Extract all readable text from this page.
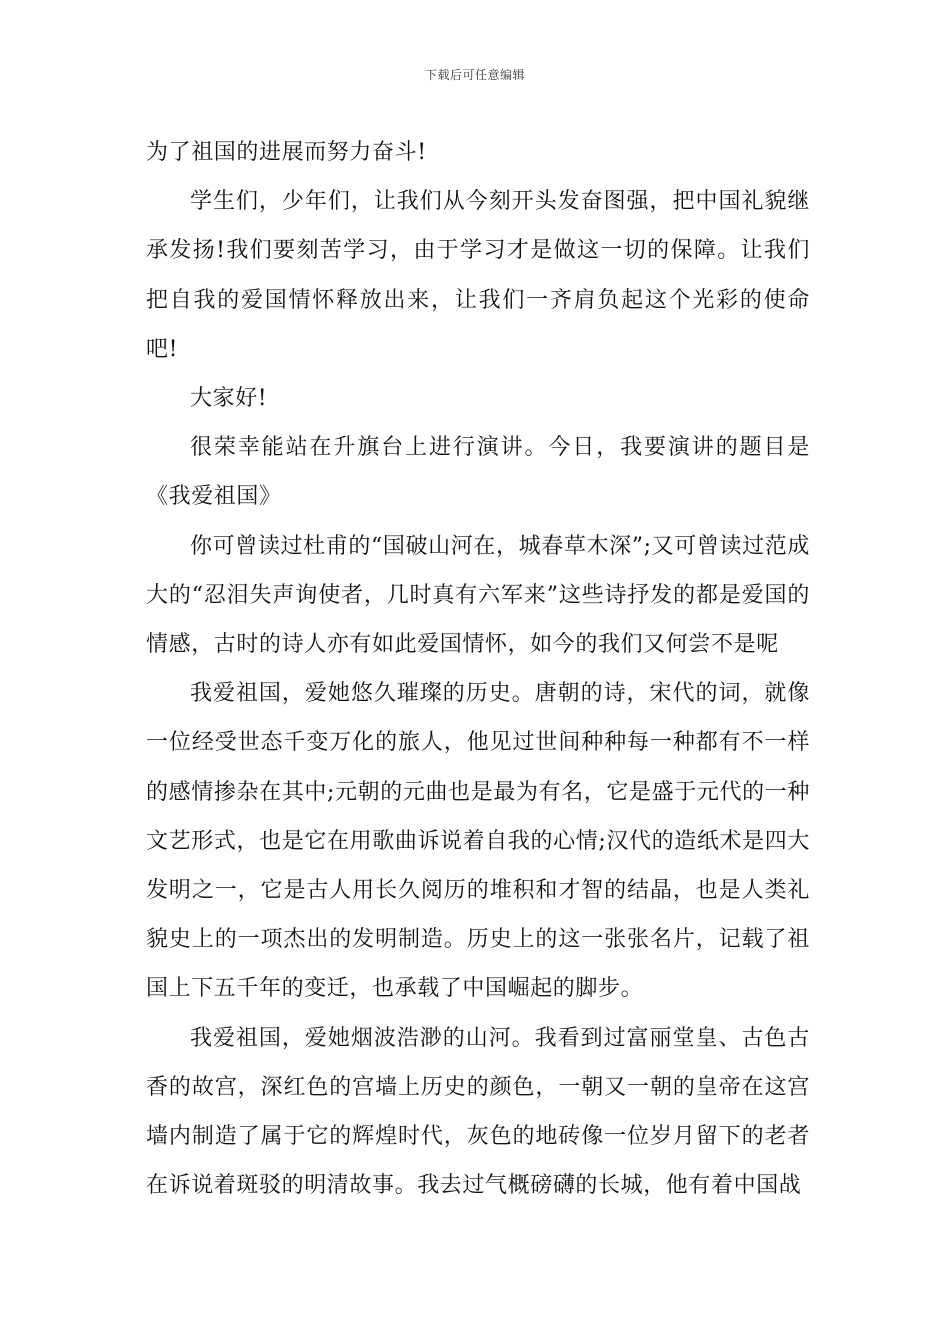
下载后可任意编辑

为了祖国的进展而努力奋斗!

学生们，少年们，让我们从今刻开头发奋图强，把中国礼貌继承发扬!我们要刻苦学习，由于学习才是做这一切的保障。让我们把自我的爱国情怀释放出来，让我们一齐肩负起这个光彩的使命吧!

大家好!

很荣幸能站在升旗台上进行演讲。今日，我要演讲的题目是《我爱祖国》

你可曾读过杜甫的“国破山河在，城春草木深”;又可曾读过范成大的“忍泪失声询使者，几时真有六军来”这些诗抒发的都是爱国的情感，古时的诗人亦有如此爱国情怀，如今的我们又何尝不是呢

我爱祖国，爱她悠久璀璨的历史。唐朝的诗，宋代的词，就像一位经受世态千变万化的旅人，他见过世间种种每一种都有不一样的感情掺杂在其中;元朝的元曲也是最为有名，它是盛于元代的一种文艺形式，也是它在用歌曲诉说着自我的心情;汉代的造纸术是四大发明之一，它是古人用长久阅历的堆积和才智的结晶，也是人类礼貌史上的一项杰出的发明制造。历史上的这一张张名片，记载了祖国上下五千年的变迁，也承载了中国崛起的脚步。

我爱祖国，爱她烟波浩渺的山河。我看到过富丽堂皇、古色古香的故宫，深红色的宫墙上历史的颜色，一朝又一朝的皇帝在这宫墙内制造了属于它的辉煌时代，灰色的地砖像一位岁月留下的老者在诉说着斑驳的明清故事。我去过气概磅礴的长城，他有着中国战
